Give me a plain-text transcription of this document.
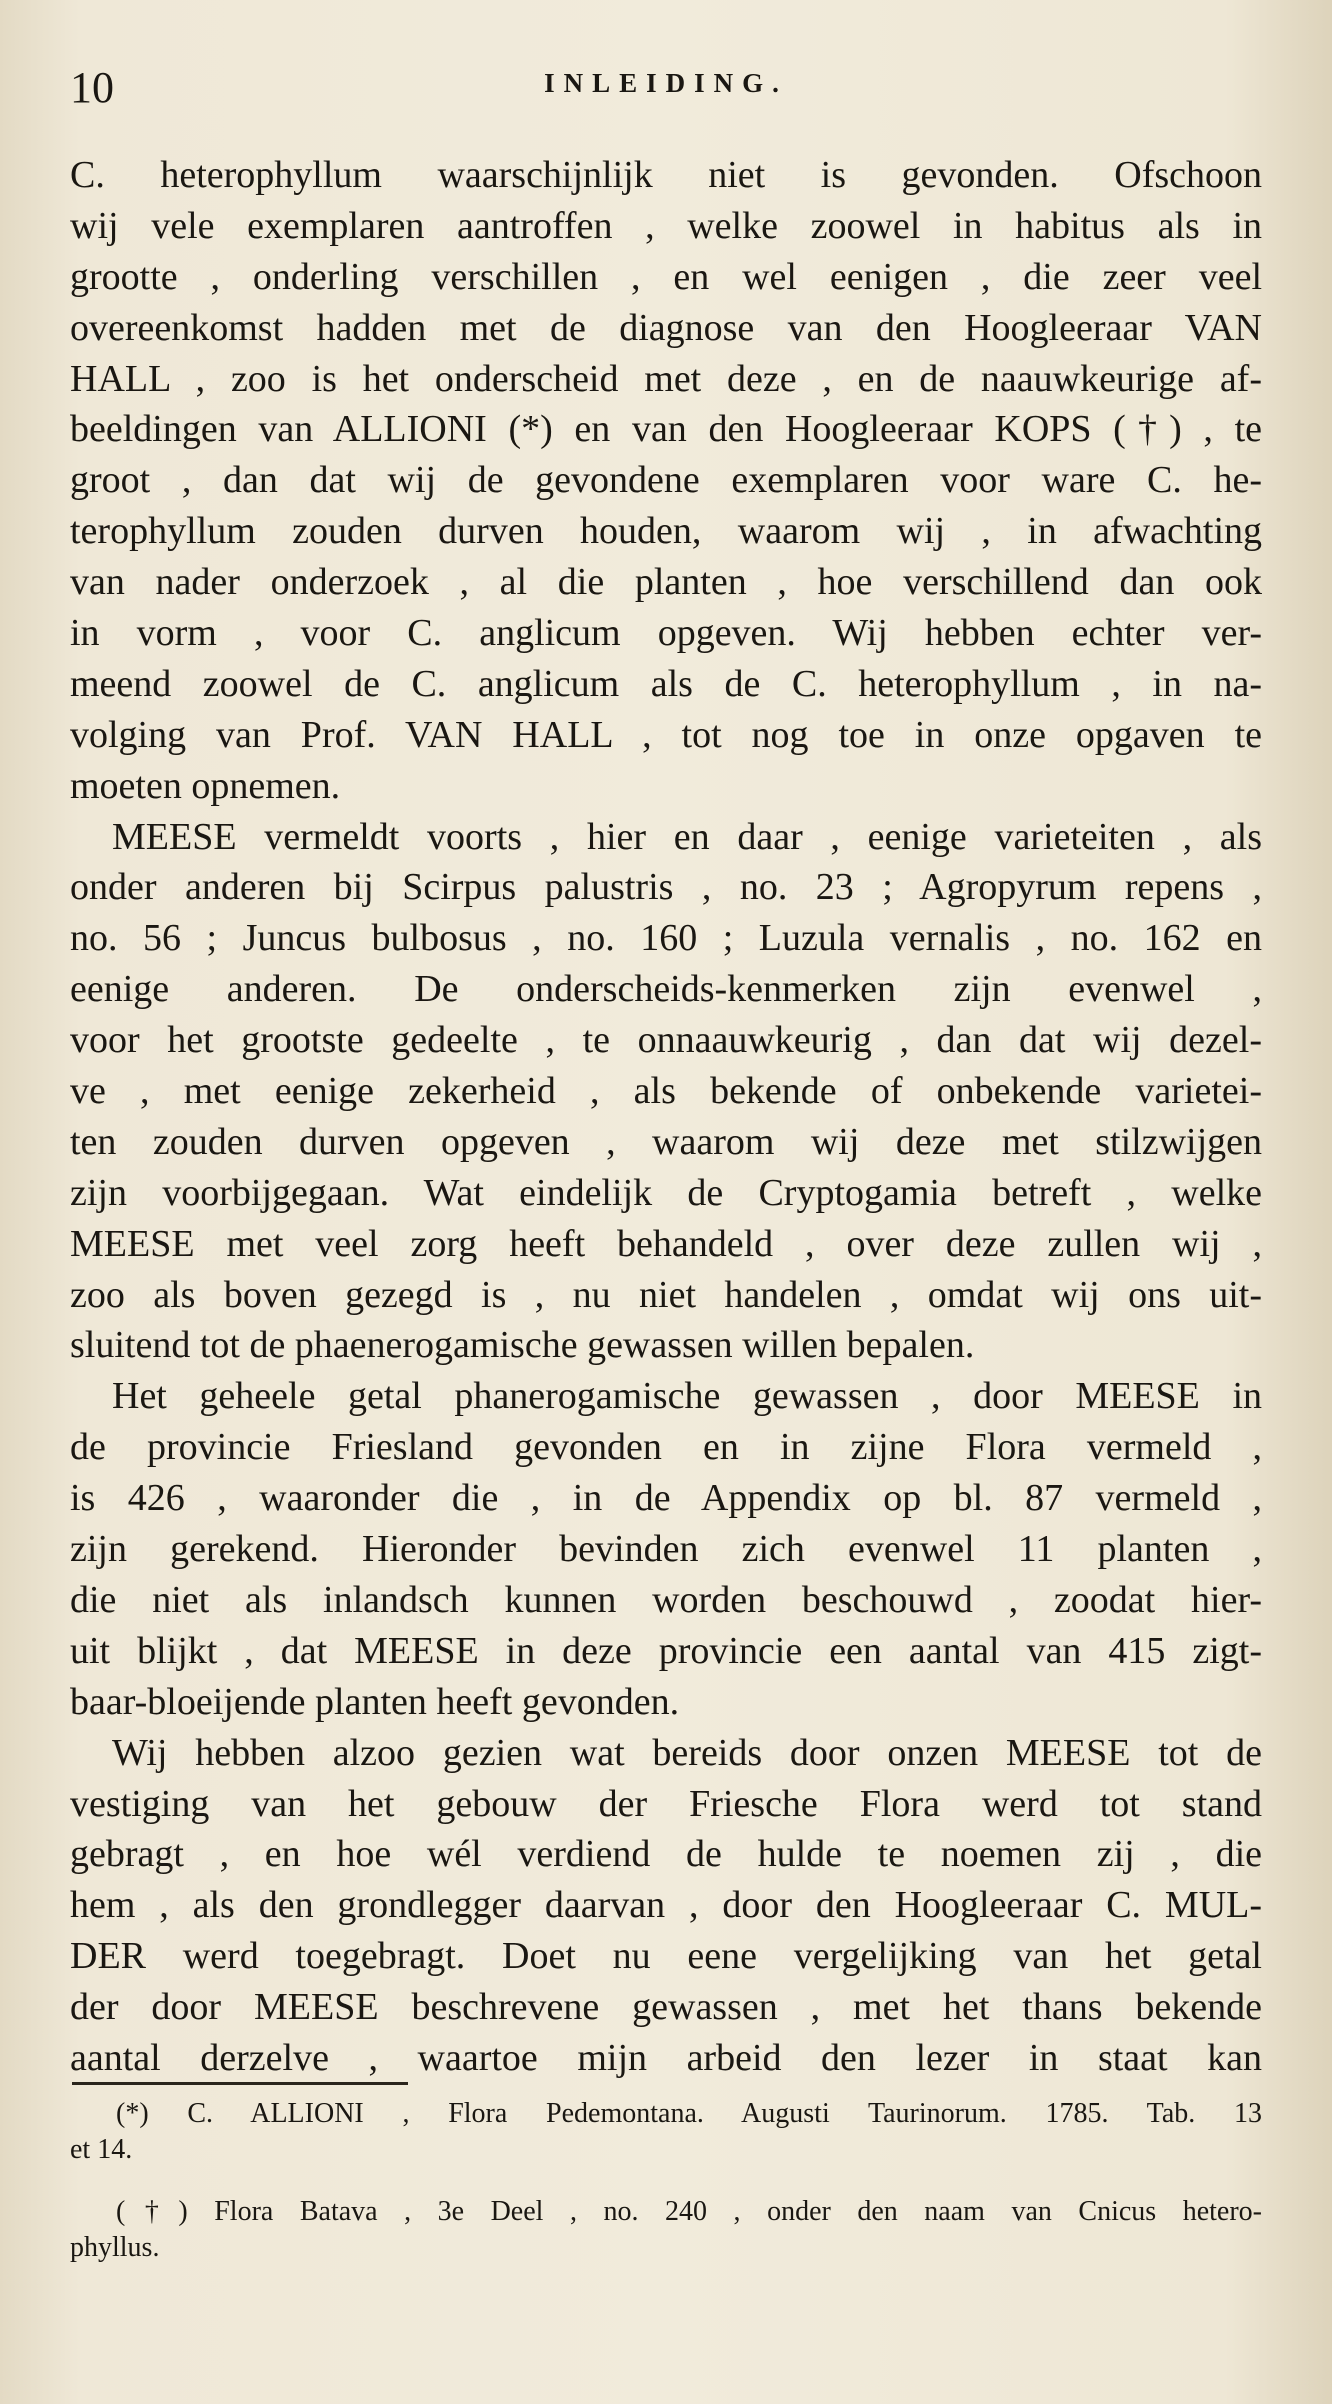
10	INLEIDING.
C. heterophyllum waarschijnlijk niet is gevonden. Ofschoon
wij vele exemplaren aantroffen , welke zoowel in habitus als in
grootte , onderling verschillen , en wel eenigen , die zeer veel
overeenkomst hadden met de diagnose van den Hoogleeraar VAN
HALL , zoo is het onderscheid met deze , en de naauwkeurige af-
beeldingen van ALLIONI (*) en van den Hoogleeraar KOPS (†) , te
groot , dan dat wij de gevondene exemplaren voor ware C. he-
terophyllum zouden durven houden, waarom wij , in afwachting
van nader onderzoek , al die planten , hoe verschillend dan ook
in vorm , voor C. anglicum opgeven. Wij hebben echter ver-
meend zoowel de C. anglicum als de C. heterophyllum , in na-
volging van Prof. VAN HALL , tot nog toe in onze opgaven te
moeten opnemen.
MEESE vermeldt voorts , hier en daar , eenige varieteiten , als
onder anderen bij Scirpus palustris , no. 23 ; Agropyrum repens ,
no. 56 ; Juncus bulbosus , no. 160 ; Luzula vernalis , no. 162 en
eenige anderen. De onderscheids-kenmerken zijn evenwel ,
voor het grootste gedeelte , te onnaauwkeurig , dan dat wij dezel-
ve , met eenige zekerheid , als bekende of onbekende varietei-
ten zouden durven opgeven , waarom wij deze met stilzwijgen
zijn voorbijgegaan. Wat eindelijk de Cryptogamia betreft , welke
MEESE met veel zorg heeft behandeld , over deze zullen wij ,
zoo als boven gezegd is , nu niet handelen , omdat wij ons uit-
sluitend tot de phaenerogamische gewassen willen bepalen.
Het geheele getal phanerogamische gewassen , door MEESE in
de provincie Friesland gevonden en in zijne Flora vermeld ,
is 426 , waaronder die , in de Appendix op bl. 87 vermeld ,
zijn gerekend. Hieronder bevinden zich evenwel 11 planten ,
die niet als inlandsch kunnen worden beschouwd , zoodat hier-
uit blijkt , dat MEESE in deze provincie een aantal van 415 zigt-
baar-bloeijende planten heeft gevonden.
Wij hebben alzoo gezien wat bereids door onzen MEESE tot de
vestiging van het gebouw der Friesche Flora werd tot stand
gebragt , en hoe wél verdiend de hulde te noemen zij , die
hem , als den grondlegger daarvan , door den Hoogleeraar C. MUL-
DER werd toegebragt. Doet nu eene vergelijking van het getal
der door MEESE beschrevene gewassen , met het thans bekende
aantal derzelve , waartoe mijn arbeid den lezer in staat kan
(*) C. ALLIONI , Flora Pedemontana. Augusti Taurinorum. 1785. Tab. 13
et 14.
(†) Flora Batava , 3e Deel , no. 240 , onder den naam van Cnicus hetero-
phyllus.
